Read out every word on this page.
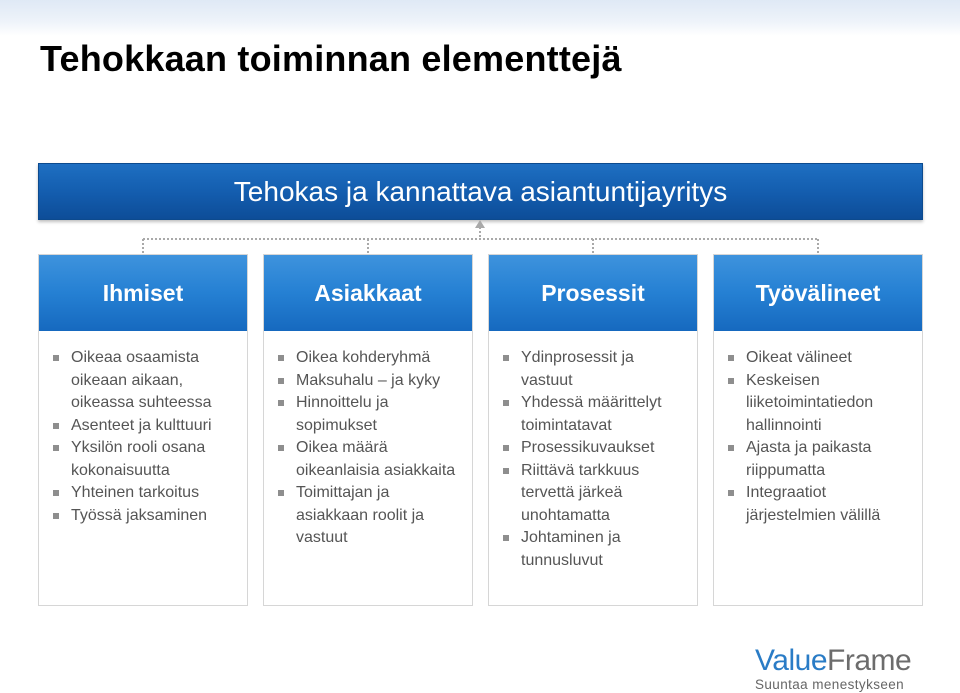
Tehokkaan toiminnan elementtejä
Tehokas ja kannattava asiantuntijayritys
Ihmiset
Oikeaa osaamista oikeaan aikaan, oikeassa suhteessa
Asenteet ja kulttuuri
Yksilön rooli osana kokonaisuutta
Yhteinen tarkoitus
Työssä jaksaminen
Asiakkaat
Oikea kohderyhmä
Maksuhalu – ja kyky
Hinnoittelu ja sopimukset
Oikea määrä oikeanlaisia asiakkaita
Toimittajan ja asiakkaan roolit ja vastuut
Prosessit
Ydinprosessit ja vastuut
Yhdessä määrittelyt toimintatavat
Prosessikuvaukset
Riittävä tarkkuus tervettä järkeä unohtamatta
Johtaminen ja tunnusluvut
Työvälineet
Oikeat välineet
Keskeisen liiketoimintatiedon hallinnointi
Ajasta ja paikasta riippumatta
Integraatiot järjestelmien välillä
ValueFrame
Suuntaa menestykseen
